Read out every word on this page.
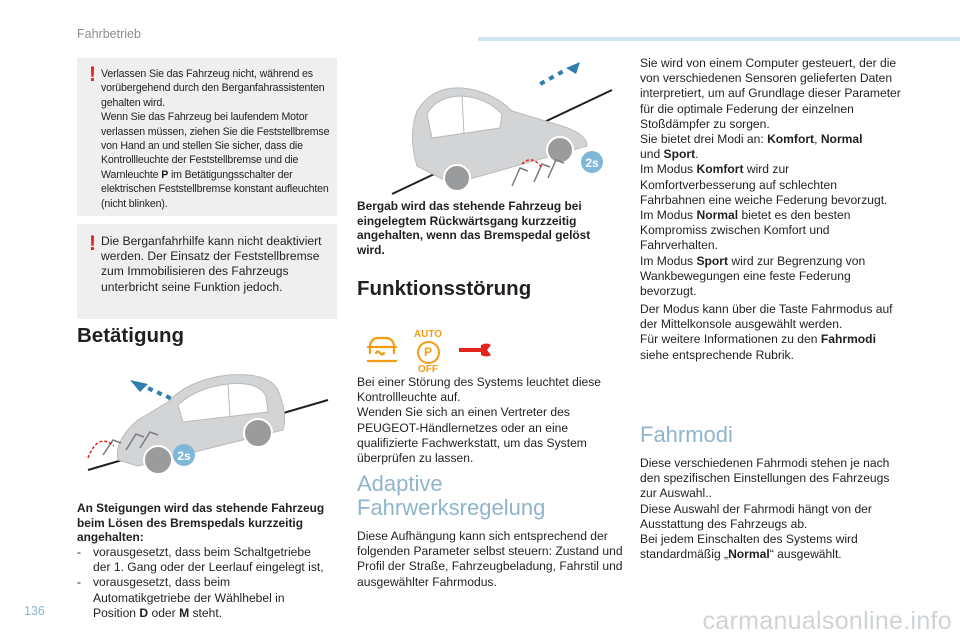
Fahrbetrieb
! Verlassen Sie das Fahrzeug nicht, während es
vorübergehend durch den Berganfahrassistenten
gehalten wird.
Wenn Sie das Fahrzeug bei laufendem Motor
verlassen müssen, ziehen Sie die Feststellbremse
von Hand an und stellen Sie sicher, dass die
Kontrollleuchte der Feststellbremse und die
Warnleuchte P im Betätigungsschalter der
elektrischen Feststellbremse konstant aufleuchten
(nicht blinken).
! Die Berganfahrhilfe kann nicht deaktiviert
werden. Der Einsatz der Feststellbremse
zum Immobilisieren des Fahrzeugs
unterbricht seine Funktion jedoch.
Betätigung
2s
An Steigungen wird das stehende Fahrzeug
beim Lösen des Bremspedals kurzzeitig
angehalten:
- vorausgesetzt, dass beim Schaltgetriebe
der 1. Gang oder der Leerlauf eingelegt ist,
- vorausgesetzt, dass beim
Automatikgetriebe der Wählhebel in
Position D oder M steht.
2s
Bergab wird das stehende Fahrzeug bei
eingelegtem Rückwärtsgang kurzzeitig
angehalten, wenn das Bremspedal gelöst
wird.
Funktionsstörung
AUTO
P
OFF
Bei einer Störung des Systems leuchtet diese
Kontrollleuchte auf.
Wenden Sie sich an einen Vertreter des
PEUGEOT-Händlernetzes oder an eine
qualifizierte Fachwerkstatt, um das System
überprüfen zu lassen.
Adaptive
Fahrwerksregelung
Diese Aufhängung kann sich entsprechend der
folgenden Parameter selbst steuern: Zustand und
Profil der Straße, Fahrzeugbeladung, Fahrstil und
ausgewählter Fahrmodus.
Sie wird von einem Computer gesteuert, der die
von verschiedenen Sensoren gelieferten Daten
interpretiert, um auf Grundlage dieser Parameter
für die optimale Federung der einzelnen
Stoßdämpfer zu sorgen.
Sie bietet drei Modi an: Komfort, Normal
und Sport.
Im Modus Komfort wird zur
Komfortverbesserung auf schlechten
Fahrbahnen eine weiche Federung bevorzugt.
Im Modus Normal bietet es den besten
Kompromiss zwischen Komfort und
Fahrverhalten.
Im Modus Sport wird zur Begrenzung von
Wankbewegungen eine feste Federung
bevorzugt.
Der Modus kann über die Taste Fahrmodus auf
der Mittelkonsole ausgewählt werden.
Für weitere Informationen zu den Fahrmodi
siehe entsprechende Rubrik.
Fahrmodi
Diese verschiedenen Fahrmodi stehen je nach
den spezifischen Einstellungen des Fahrzeugs
zur Auswahl..
Diese Auswahl der Fahrmodi hängt von der
Ausstattung des Fahrzeugs ab.
Bei jedem Einschalten des Systems wird
standardmäßig „Normal“ ausgewählt.
136	carmanualsonline.info
